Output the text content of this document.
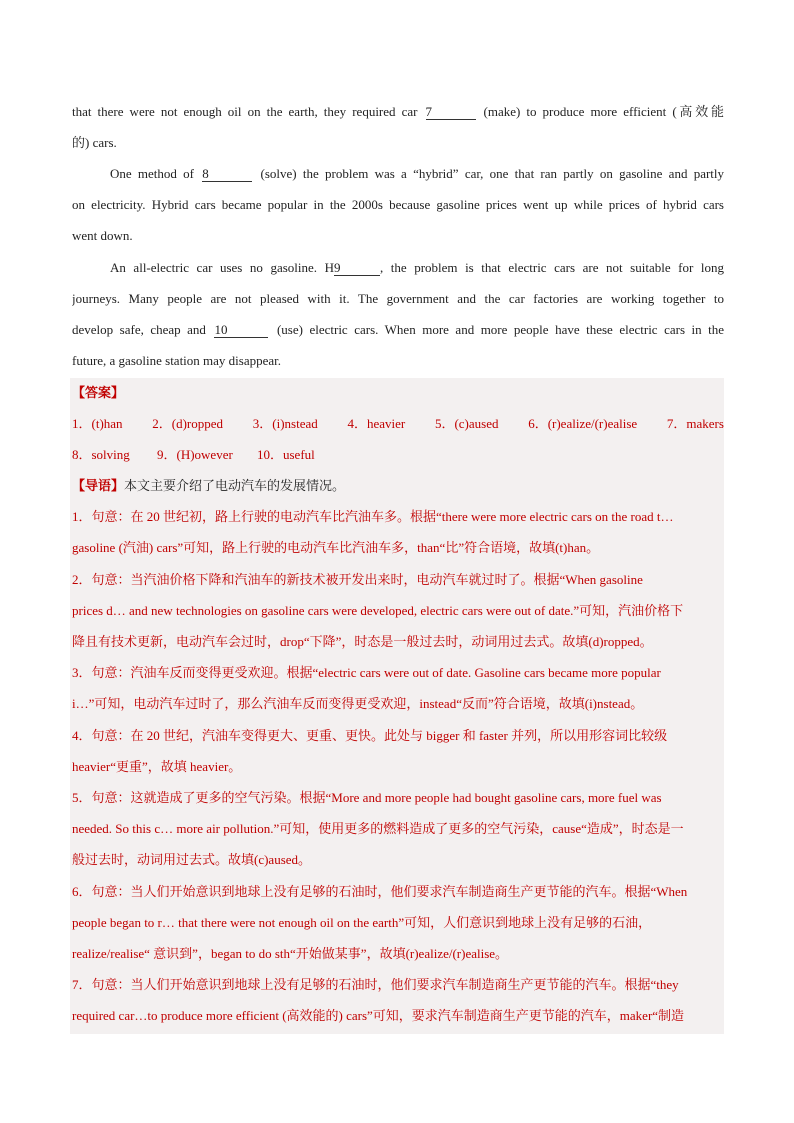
that there were not enough oil on the earth, they required car 7	(make) to produce more efficient (高效能
的) cars.
One method of 8	(solve) the problem was a “hybrid” car, one that ran partly on gasoline and partly
on electricity. Hybrid cars became popular in the 2000s because gasoline prices went up while prices of hybrid cars
went down.
An all-electric car uses no gasoline. H9	, the problem is that electric cars are not suitable for long
journeys. Many people are not pleased with it. The government and the car factories are working together to
develop safe, cheap and 10	(use) electric cars. When more and more people have these electric cars in the
future, a gasoline station may disappear.
【答案】
1．(t)han 2．(d)ropped 3．(i)nstead 4．heavier 5．(c)aused 6．(r)ealize/(r)ealise 7．makers
8．solving 9．(H)owever 10．useful
【导语】本文主要介绍了电动汽车的发展情况。
1．句意：在 20 世纪初，路上行驶的电动汽车比汽油车多。根据“there were more electric cars on the road t…
gasoline (汽油) cars”可知，路上行驶的电动汽车比汽油车多，than“比”符合语境，故填(t)han。
2．句意：当汽油价格下降和汽油车的新技术被开发出来时，电动汽车就过时了。根据“When gasoline
prices d… and new technologies on gasoline cars were developed, electric cars were out of date.”可知，汽油价格下
降且有技术更新，电动汽车会过时，drop“下降”，时态是一般过去时，动词用过去式。故填(d)ropped。
3．句意：汽油车反而变得更受欢迎。根据“electric cars were out of date. Gasoline cars became more popular
i…”可知，电动汽车过时了，那么汽油车反而变得更受欢迎，instead“反而”符合语境，故填(i)nstead。
4．句意：在 20 世纪，汽油车变得更大、更重、更快。此处与 bigger 和 faster 并列，所以用形容词比较级
heavier“更重”，故填 heavier。
5．句意：这就造成了更多的空气污染。根据“More and more people had bought gasoline cars, more fuel was
needed. So this c… more air pollution.”可知，使用更多的燃料造成了更多的空气污染，cause“造成”，时态是一
般过去时，动词用过去式。故填(c)aused。
6．句意：当人们开始意识到地球上没有足够的石油时，他们要求汽车制造商生产更节能的汽车。根据“When
people began to r… that there were not enough oil on the earth”可知，人们意识到地球上没有足够的石油，
realize/realise“ 意识到”，began to do sth“开始做某事”，故填(r)ealize/(r)ealise。
7．句意：当人们开始意识到地球上没有足够的石油时，他们要求汽车制造商生产更节能的汽车。根据“they
required car…to produce more efficient (高效能的) cars”可知，要求汽车制造商生产更节能的汽车，maker“制造
